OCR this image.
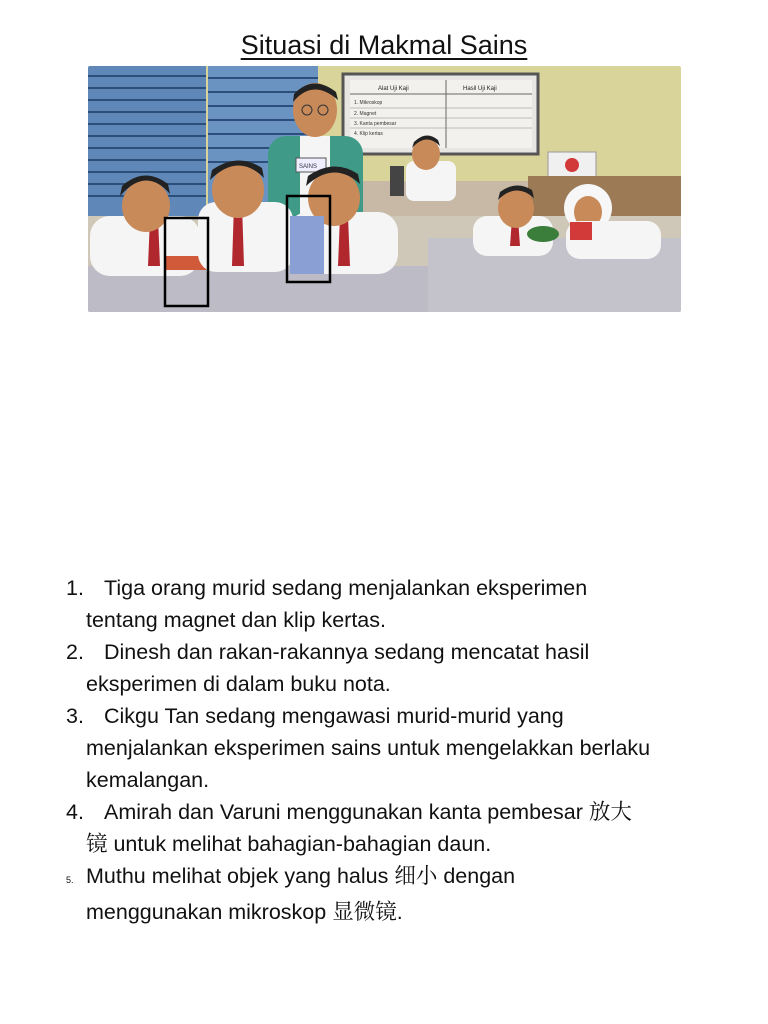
Situasi di Makmal Sains
Alat Uji Kaji	Hasil Uji Kaji
1. Mikroskop
2. Magnet
3. Kanta pembesar
4. Klip kertas
SAINS
1. Tiga orang murid sedang menjalankan eksperimen
tentang magnet dan klip kertas.
2. Dinesh dan rakan-rakannya sedang mencatat hasil
eksperimen di dalam buku nota.
3. Cikgu Tan sedang mengawasi murid-murid yang
menjalankan eksperimen sains untuk mengelakkan berlaku
kemalangan.
4. Amirah dan Varuni menggunakan kanta pembesar 放大
镜 untuk melihat bahagian-bahagian daun.
5. Muthu melihat objek yang halus 细小 dengan
menggunakan mikroskop 显微镜.
